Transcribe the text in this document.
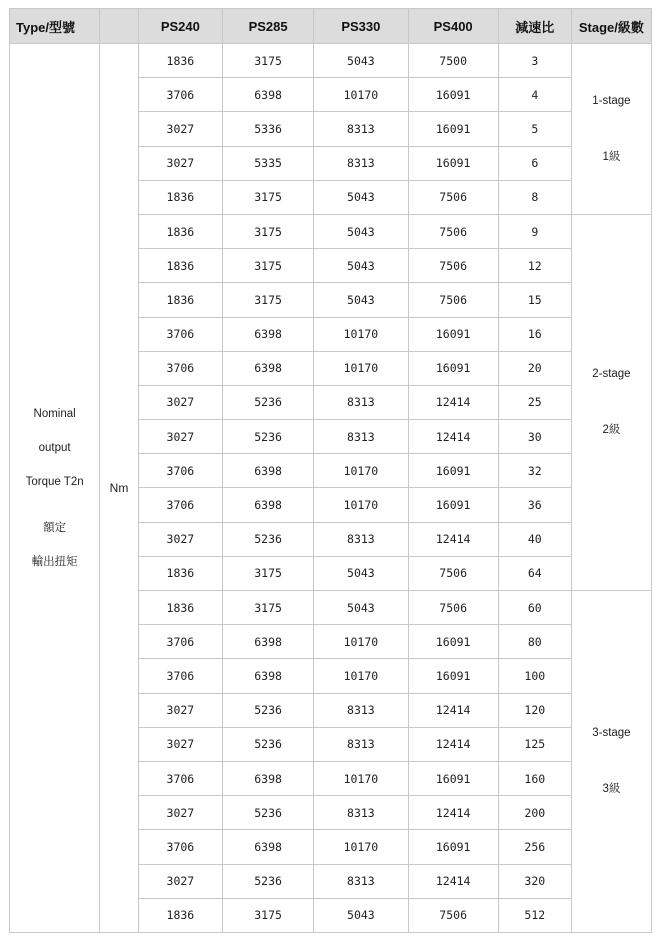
Type/型號		PS240	PS285	PS330	PS400	減速比	Stage/級數

Nominal
output
Torque T2n
額定
輸出扭矩	Nm	1836	3175	5043	7500	3	1-stage
1級

		3706	6398	10170	16091	4	
		3027	5336	8313	16091	5	
		3027	5335	8313	16091	6	
		1836	3175	5043	7506	8	
		1836	3175	5043	7506	9	2-stage
2級

		1836	3175	5043	7506	12	
		1836	3175	5043	7506	15	
		3706	6398	10170	16091	16	
		3706	6398	10170	16091	20	
		3027	5236	8313	12414	25	
		3027	5236	8313	12414	30	
		3706	6398	10170	16091	32	
		3706	6398	10170	16091	36	
		3027	5236	8313	12414	40	
		1836	3175	5043	7506	64	
		1836	3175	5043	7506	60	3-stage
3級

		3706	6398	10170	16091	80	
		3706	6398	10170	16091	100	
		3027	5236	8313	12414	120	
		3027	5236	8313	12414	125	
		3706	6398	10170	16091	160	
		3027	5236	8313	12414	200	
		3706	6398	10170	16091	256	
		3027	5236	8313	12414	320	
		1836	3175	5043	7506	512	
